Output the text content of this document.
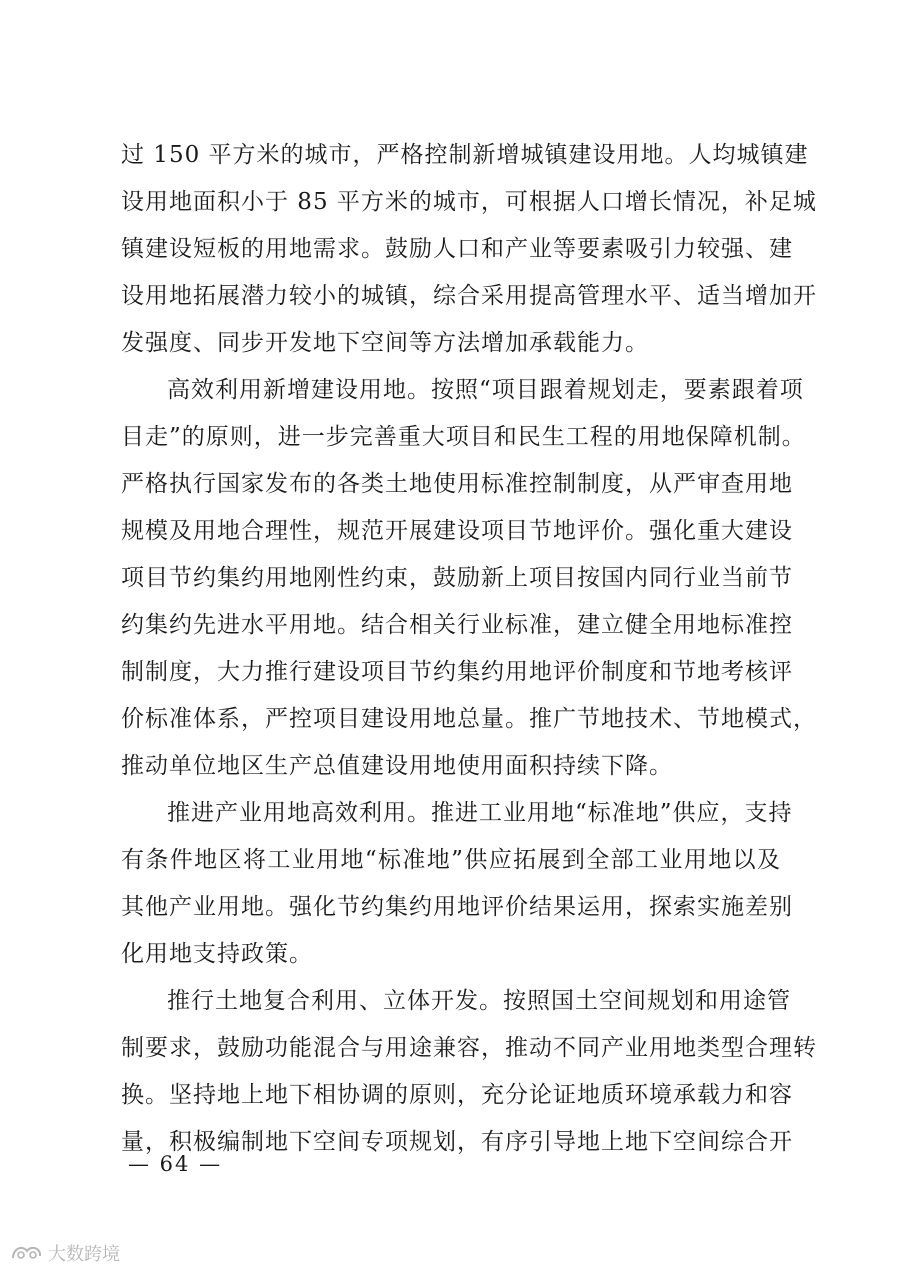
过 150 平方米的城市，严格控制新增城镇建设用地。人均城镇建
设用地面积小于 85 平方米的城市，可根据人口增长情况，补足城
镇建设短板的用地需求。鼓励人口和产业等要素吸引力较强、建
设用地拓展潜力较小的城镇，综合采用提高管理水平、适当增加开
发强度、同步开发地下空间等方法增加承载能力。
高效利用新增建设用地。按照“项目跟着规划走，要素跟着项
目走”的原则，进一步完善重大项目和民生工程的用地保障机制。
严格执行国家发布的各类土地使用标准控制制度，从严审查用地
规模及用地合理性，规范开展建设项目节地评价。强化重大建设
项目节约集约用地刚性约束，鼓励新上项目按国内同行业当前节
约集约先进水平用地。结合相关行业标准，建立健全用地标准控
制制度，大力推行建设项目节约集约用地评价制度和节地考核评
价标准体系，严控项目建设用地总量。推广节地技术、节地模式，
推动单位地区生产总值建设用地使用面积持续下降。
推进产业用地高效利用。推进工业用地“标准地”供应，支持
有条件地区将工业用地“标准地”供应拓展到全部工业用地以及
其他产业用地。强化节约集约用地评价结果运用，探索实施差别
化用地支持政策。
推行土地复合利用、立体开发。按照国土空间规划和用途管
制要求，鼓励功能混合与用途兼容，推动不同产业用地类型合理转
换。坚持地上地下相协调的原则，充分论证地质环境承载力和容
量，积极编制地下空间专项规划，有序引导地上地下空间综合开
— 64 —
大数跨境
